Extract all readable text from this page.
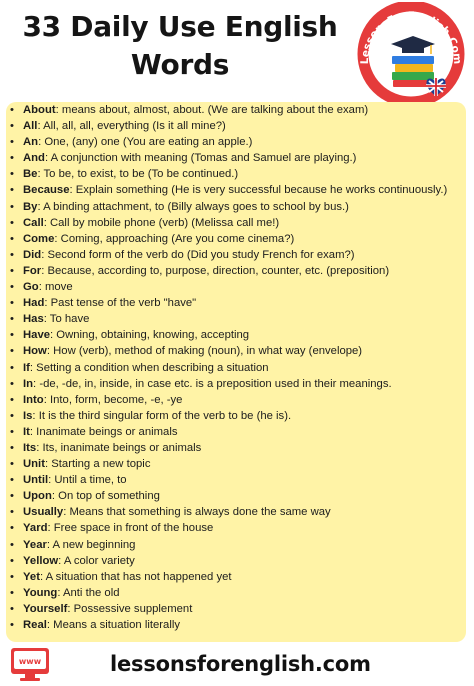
33 Daily Use English
Words	LessonsForEnglish.Com
• About: means about, almost, about. (We are talking about the exam)
• All: All, all, all, everything (Is it all mine?)
• An: One, (any) one (You are eating an apple.)
• And: A conjunction with meaning (Tomas and Samuel are playing.)
• Be: To be, to exist, to be (To be continued.)
• Because: Explain something (He is very successful because he works continuously.)
• By: A binding attachment, to (Billy always goes to school by bus.)
• Call: Call by mobile phone (verb) (Melissa call me!)
• Come: Coming, approaching (Are you come cinema?)
• Did: Second form of the verb do (Did you study French for exam?)
• For: Because, according to, purpose, direction, counter, etc. (preposition)
• Go: move
• Had: Past tense of the verb "have"
• Has: To have
• Have: Owning, obtaining, knowing, accepting
• How: How (verb), method of making (noun), in what way (envelope)
• If: Setting a condition when describing a situation
• In: -de, -de, in, inside, in case etc. is a preposition used in their meanings.
• Into: Into, form, become, -e, -ye
• Is: It is the third singular form of the verb to be (he is).
• It: Inanimate beings or animals
• Its: Its, inanimate beings or animals
• Unit: Starting a new topic
• Until: Until a time, to
• Upon: On top of something
• Usually: Means that something is always done the same way
• Yard: Free space in front of the house
• Year: A new beginning
• Yellow: A color variety
• Yet: A situation that has not happened yet
• Young: Anti the old
• Yourself: Possessive supplement
• Real: Means a situation literally
www	lessonsforenglish.com
